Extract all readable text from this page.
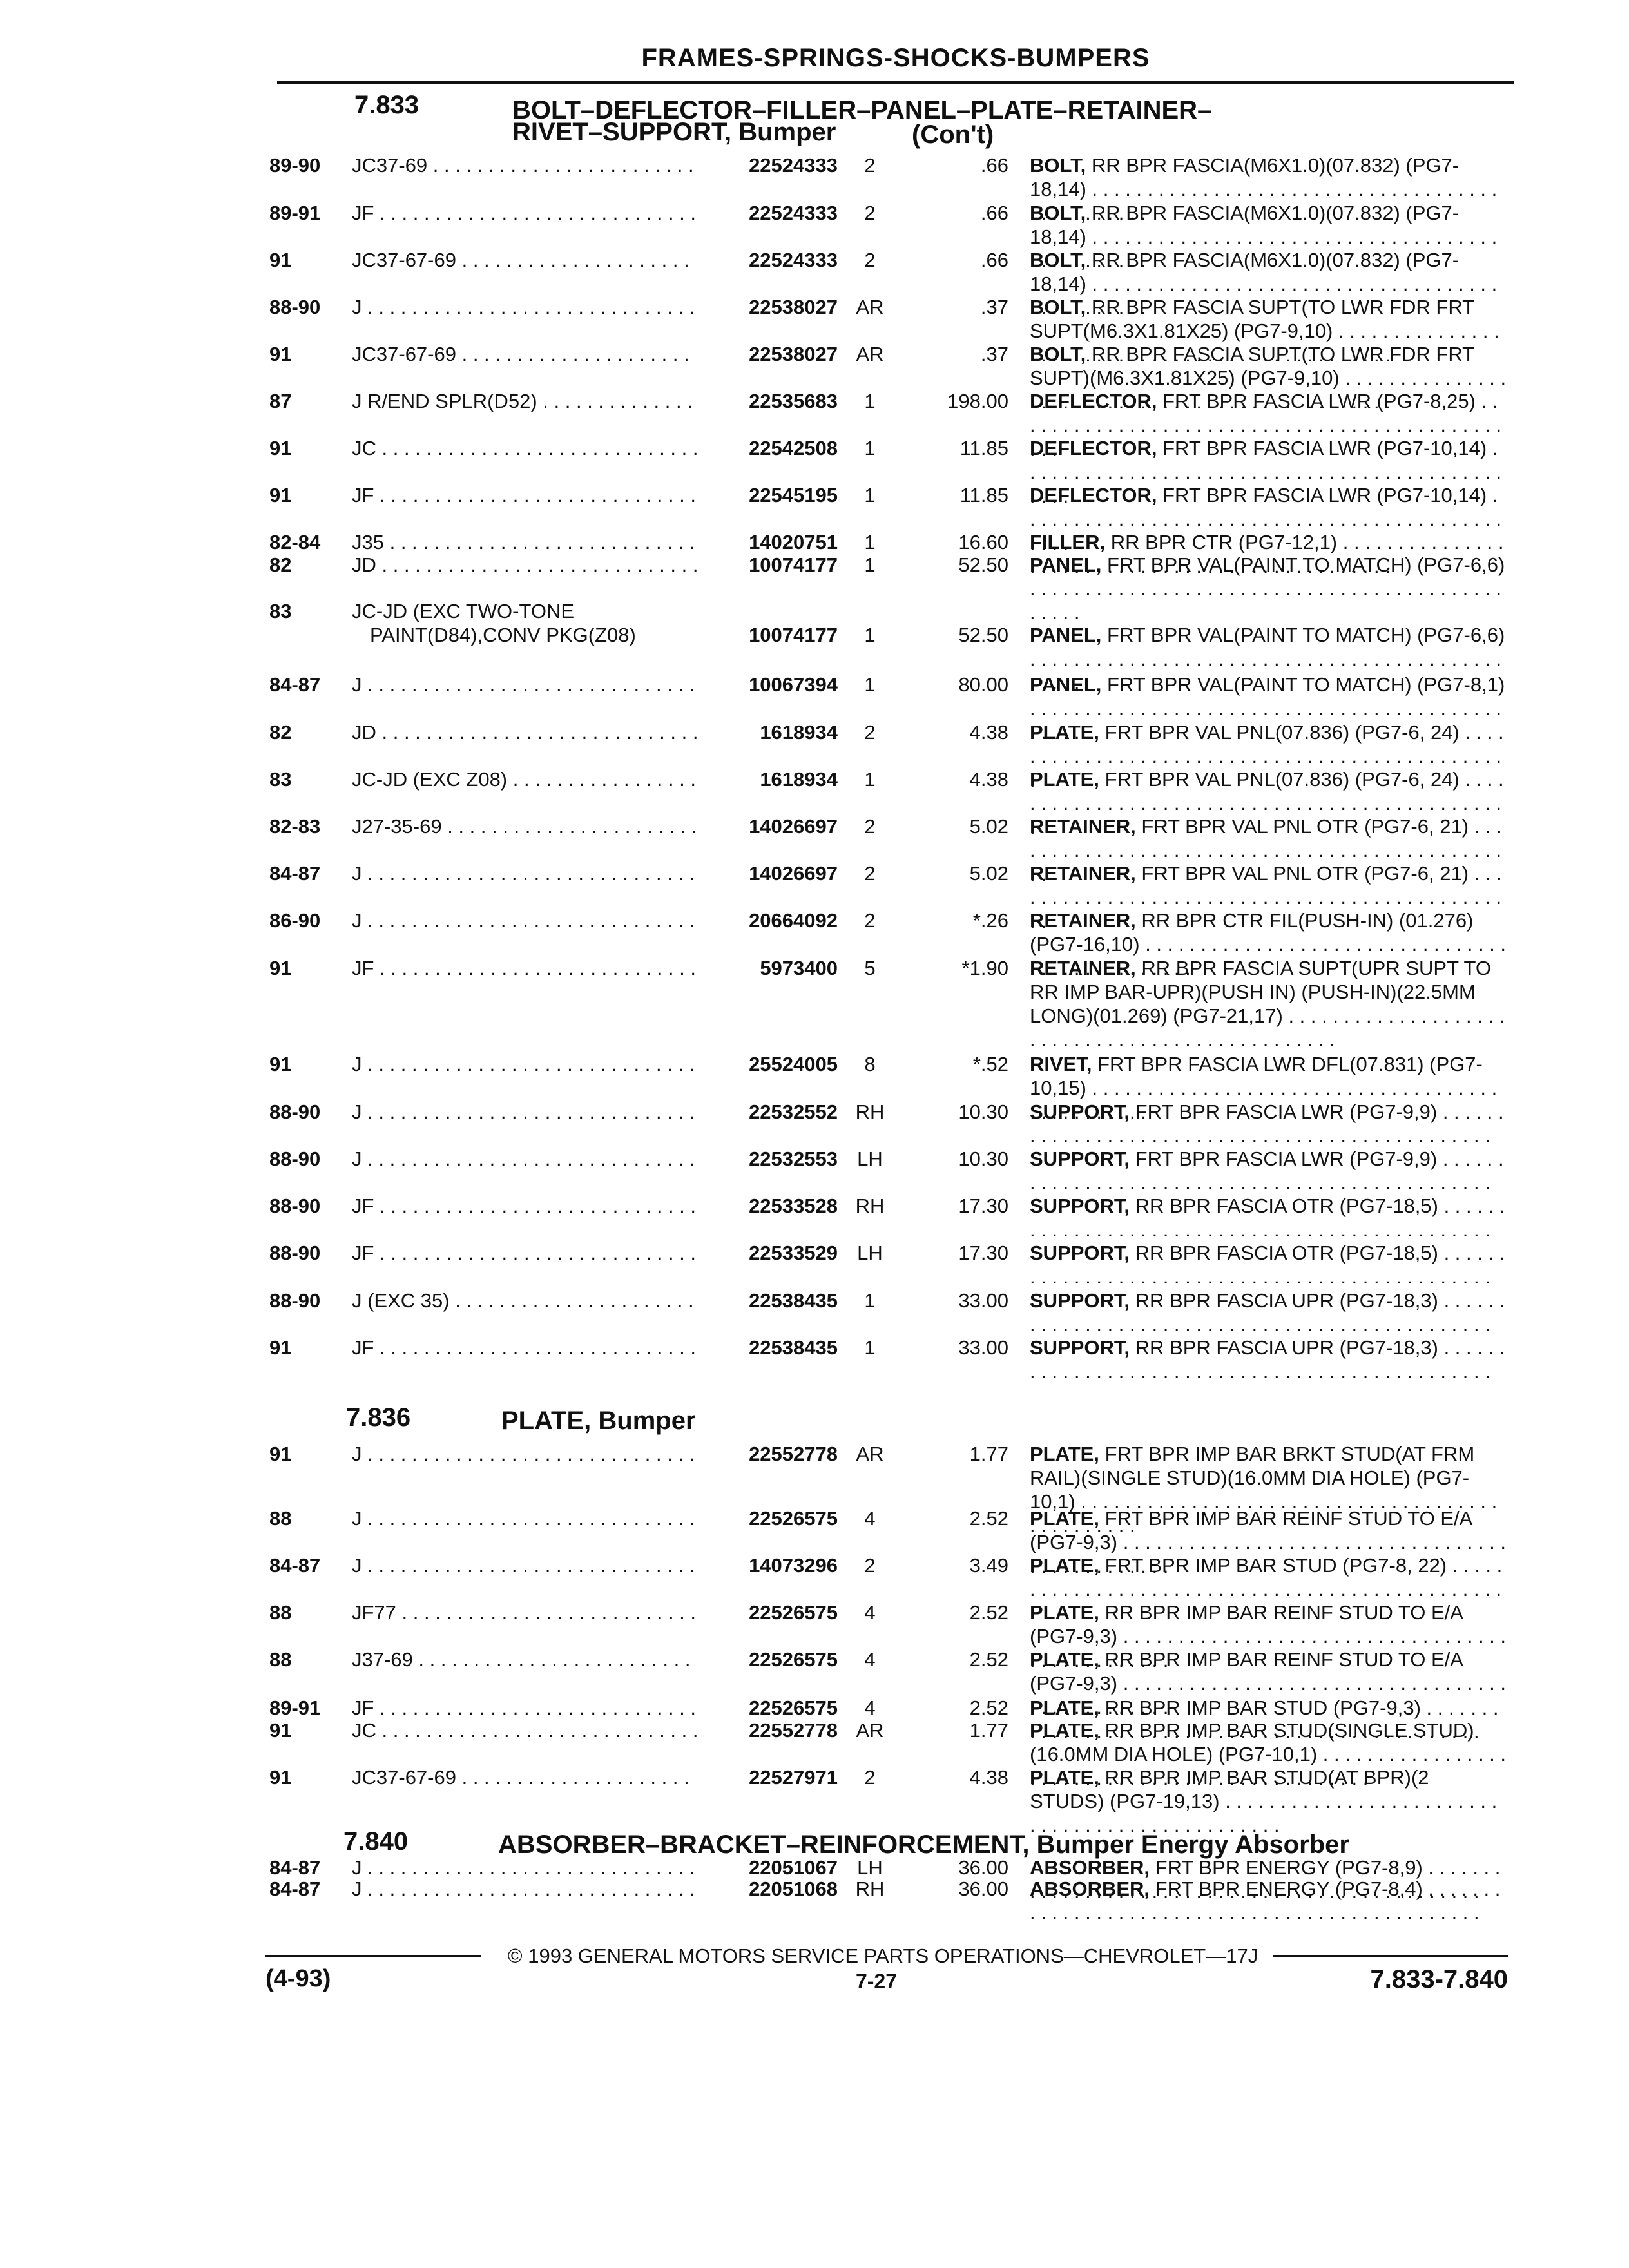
FRAMES-SPRINGS-SHOCKS-BUMPERS
7.833	BOLT–DEFLECTOR–FILLER–PANEL–PLATE–RETAINER–
RIVET–SUPPORT, Bumper	(Con't)
7.836	PLATE, Bumper
7.840	ABSORBER–BRACKET–REINFORCEMENT, Bumper Energy Absorber
89-90 JC37-69 . . .	22524333	2	.66 BOLT, RR BPR FASCIA(M6X1.0)(07.832) (PG7-18,14) . . .
89-91 JF . . .	22524333	2	.66 BOLT, RR BPR FASCIA(M6X1.0)(07.832) (PG7-18,14) . . .
91	JC37-67-69 . . .	22524333	2	.66 BOLT, RR BPR FASCIA(M6X1.0)(07.832) (PG7-18,14) . . .
88-90 J . . .	22538027 AR	.37 BOLT, RR BPR FASCIA SUPT(TO LWR FDR FRT SUPT(M6.3X1.81X25) (PG7-9,10) . . .
91	JC37-67-69 . . .	22538027 AR	.37 BOLT, RR BPR FASCIA SUPT(TO LWR FDR FRT SUPT)(M6.3X1.81X25) (PG7-9,10) . . .
87	J R/END SPLR(D52) . . .	22535683	1	198.00 DEFLECTOR, FRT BPR FASCIA LWR (PG7-8,25) . . .
91	JC . . .	22542508	1	11.85 DEFLECTOR, FRT BPR FASCIA LWR (PG7-10,14) . . .
91	JF . . .	22545195	1	11.85 DEFLECTOR, FRT BPR FASCIA LWR (PG7-10,14) . . .
82-84 J35 . . .	14020751	1	16.60 FILLER, RR BPR CTR (PG7-12,1) . . .
82	JD . . .	10074177	1	52.50 PANEL, FRT BPR VAL(PAINT TO MATCH) (PG7-6,6) . . .
83	JC-JD (EXC TWO-TONE
PAINT(D84),CONV PKG(Z08)	10074177	1	52.50 PANEL, FRT BPR VAL(PAINT TO MATCH) (PG7-6,6) . . .
84-87 J . . .	10067394	1	80.00 PANEL, FRT BPR VAL(PAINT TO MATCH) (PG7-8,1) . . .
82	JD . . .	1618934	2	4.38 PLATE, FRT BPR VAL PNL(07.836) (PG7-6, 24) . . .
83	JC-JD (EXC Z08) . . .	1618934	1	4.38 PLATE, FRT BPR VAL PNL(07.836) (PG7-6, 24) . . .
82-83 J27-35-69 . . .	14026697	2	5.02 RETAINER, FRT BPR VAL PNL OTR (PG7-6, 21) . . .
84-87 J . . .	14026697	2	5.02 RETAINER, FRT BPR VAL PNL OTR (PG7-6, 21) . . .
86-90 J . . .	20664092	2	*.26 RETAINER, RR BPR CTR FIL(PUSH-IN) (01.276) (PG7-16,10) . . .
91	JF . . .	5973400	5	*1.90 RETAINER, RR BPR FASCIA SUPT(UPR SUPT TO RR IMP BAR-UPR)(PUSH IN) (PUSH-IN)(22.5MM LONG)(01.269) (PG7-21,17) . . .
91	J . . .	25524005	8	*.52 RIVET, FRT BPR FASCIA LWR DFL(07.831) (PG7-10,15) . . .
88-90 J . . .	22532552 RH	10.30 SUPPORT, FRT BPR FASCIA LWR (PG7-9,9) . . .
88-90 J . . .	22532553 LH	10.30 SUPPORT, FRT BPR FASCIA LWR (PG7-9,9) . . .
88-90 JF . . .	22533528 RH	17.30 SUPPORT, RR BPR FASCIA OTR (PG7-18,5) . . .
88-90 JF . . .	22533529 LH	17.30 SUPPORT, RR BPR FASCIA OTR (PG7-18,5) . . .
88-90 J (EXC 35) . . .	22538435	1	33.00 SUPPORT, RR BPR FASCIA UPR (PG7-18,3) . . .
91	JF . . .	22538435	1	33.00 SUPPORT, RR BPR FASCIA UPR (PG7-18,3) . . .
91	J . . .	22552778 AR	1.77 PLATE, FRT BPR IMP BAR BRKT STUD(AT FRM RAIL)(SINGLE STUD)(16.0MM DIA HOLE) (PG7-10,1) . . .
88	J . . .	22526575	4	2.52 PLATE, FRT BPR IMP BAR REINF STUD TO E/A (PG7-9,3) . . .
84-87 J . . .	14073296	2	3.49 PLATE, FRT BPR IMP BAR STUD (PG7-8, 22) . . .
88	JF77 . . .	22526575	4	2.52 PLATE, RR BPR IMP BAR REINF STUD TO E/A (PG7-9,3) . . .
88	J37-69 . . .	22526575	4	2.52 PLATE, RR BPR IMP BAR REINF STUD TO E/A (PG7-9,3) . . .
89-91 JF . . .	22526575	4	2.52 PLATE, RR BPR IMP BAR STUD (PG7-9,3) . . .
91	JC . . .	22552778 AR	1.77 PLATE, RR BPR IMP BAR STUD(SINGLE STUD)(16.0MM DIA HOLE) (PG7-10,1) . . .
91	JC37-67-69 . . .	22527971	2	4.38 PLATE, RR BPR IMP BAR STUD(AT BPR)(2 STUDS) (PG7-19,13) . . .
84-87 J . . .	22051067 LH	36.00 ABSORBER, FRT BPR ENERGY (PG7-8,9) . . .
84-87 J . . .	22051068 RH	36.00 ABSORBER, FRT BPR ENERGY (PG7-8,4) . . .
© 1993 GENERAL MOTORS SERVICE PARTS OPERATIONS—CHEVROLET—17J
(4-93)	7-27	7.833-7.840
